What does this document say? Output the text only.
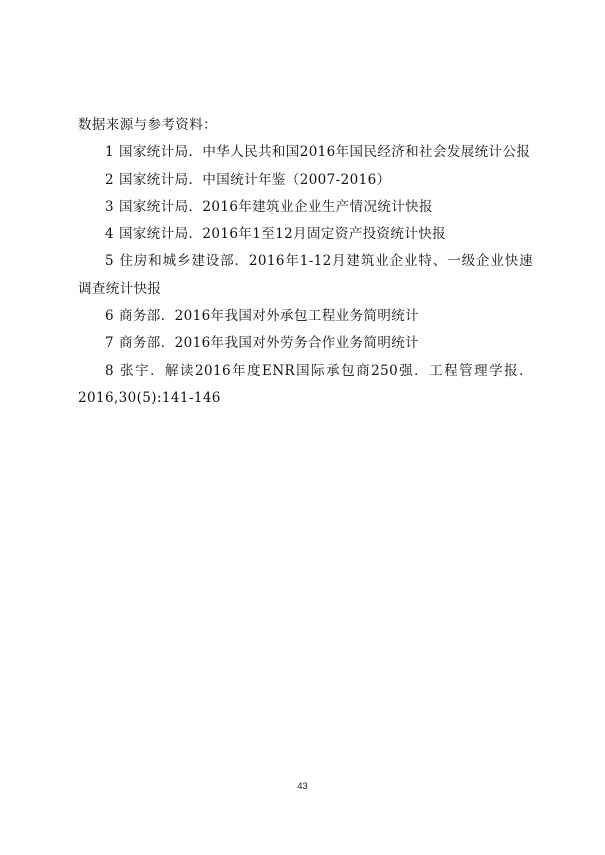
数据来源与参考资料：

1 国家统计局．中华人民共和国2016年国民经济和社会发展统计公报
2 国家统计局．中国统计年鉴（2007-2016）
3 国家统计局．2016年建筑业企业生产情况统计快报
4 国家统计局．2016年1至12月固定资产投资统计快报
5 住房和城乡建设部．2016年1-12月建筑业企业特、一级企业快速调查统计快报
6 商务部．2016年我国对外承包工程业务简明统计
7 商务部．2016年我国对外劳务合作业务简明统计
8 张宇．解读2016年度ENR国际承包商250强．工程管理学报．2016,30(5):141-146
43
